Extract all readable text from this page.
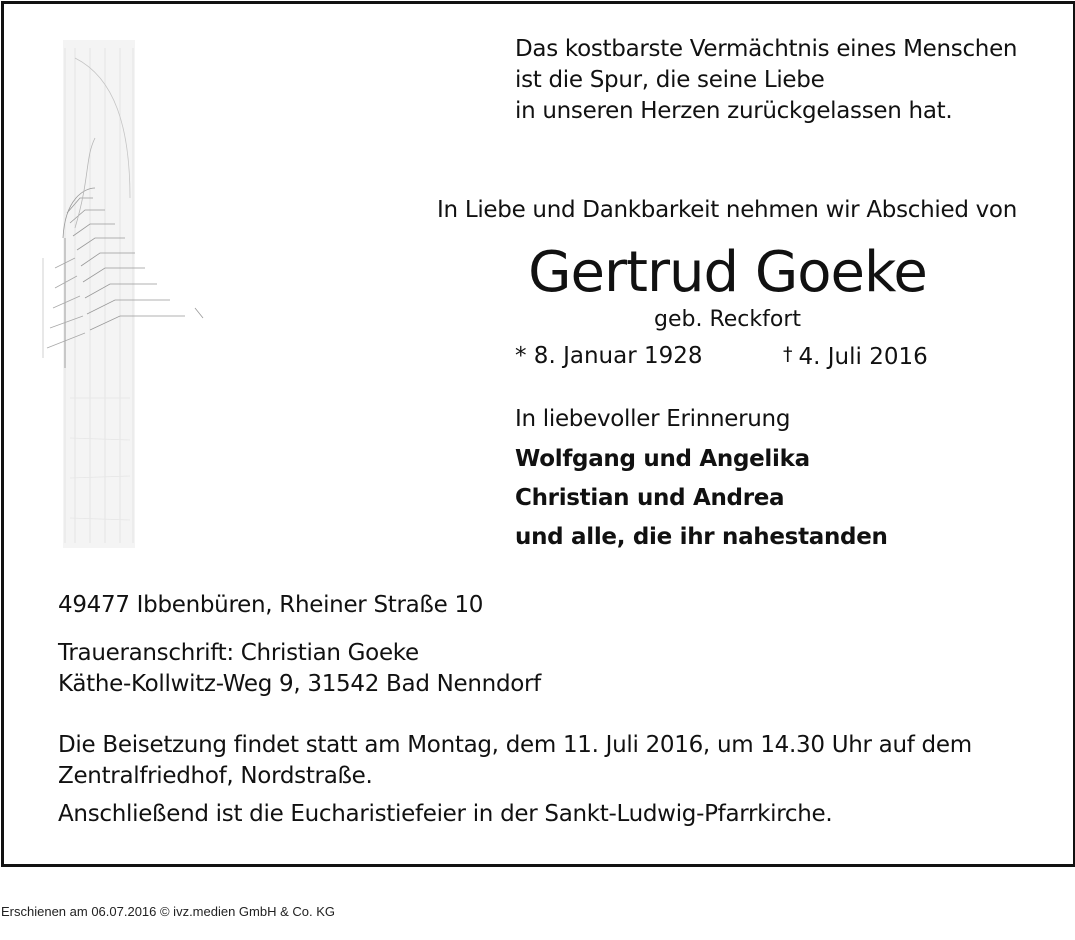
Das kostbarste Vermächtnis eines Menschen
ist die Spur, die seine Liebe
in unseren Herzen zurückgelassen hat.
In Liebe und Dankbarkeit nehmen wir Abschied von
Gertrud Goeke
geb. Reckfort
* 8. Januar 1928	† 4. Juli 2016
In liebevoller Erinnerung
Wolfgang und Angelika
Christian und Andrea
und alle, die ihr nahestanden
49477 Ibbenbüren, Rheiner Straße 10
Traueranschrift: Christian Goeke
Käthe-Kollwitz-Weg 9, 31542 Bad Nenndorf
Die Beisetzung findet statt am Montag, dem 11. Juli 2016, um 14.30 Uhr auf dem
Zentralfriedhof, Nordstraße.
Anschließend ist die Eucharistiefeier in der Sankt-Ludwig-Pfarrkirche.
Erschienen am 06.07.2016 © ivz.medien GmbH & Co. KG
